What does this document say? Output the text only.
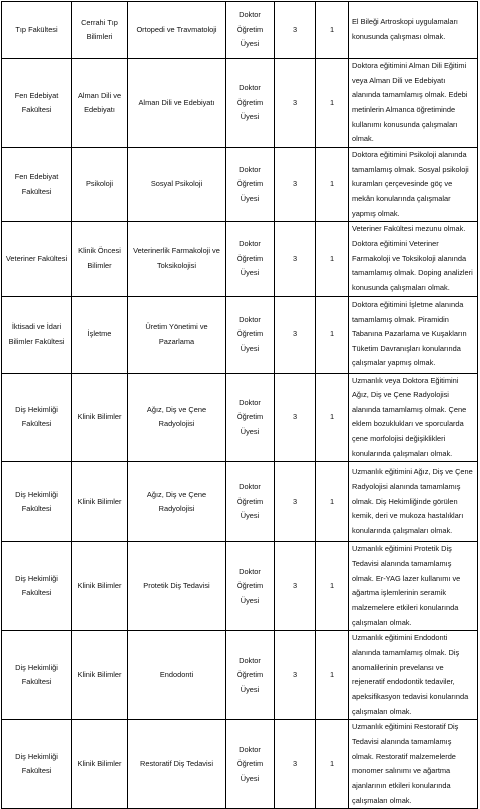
Tıp Fakültesi	Cerrahi Tıp Bilimleri	Ortopedi ve Travmatoloji	Doktor Öğretim Üyesi	3	1	El Bileği Artroskopi uygulamaları konusunda çalışması olmak.
Fen Edebiyat Fakültesi	Alman Dili ve Edebiyatı	Alman Dili ve Edebiyatı	Doktor Öğretim Üyesi	3	1	Doktora eğitimini Alman Dili Eğitimi veya Alman Dili ve Edebiyatı alanında tamamlamış olmak. Edebi metinlerin Almanca öğretiminde kullanımı konusunda çalışmaları olmak.
Fen Edebiyat Fakültesi	Psikoloji	Sosyal Psikoloji	Doktor Öğretim Üyesi	3	1	Doktora eğitimini Psikoloji alanında tamamlamış olmak. Sosyal psikoloji kuramları çerçevesinde göç ve mekân konularında çalışmalar yapmış olmak.
Veteriner Fakültesi	Klinik Öncesi Bilimler	Veterinerlik Farmakoloji ve Toksikolojisi	Doktor Öğretim Üyesi	3	1	Veteriner Fakültesi mezunu olmak. Doktora eğitimini Veteriner Farmakoloji ve Toksikoloji alanında tamamlamış olmak. Doping analizleri konusunda çalışmaları olmak.
İktisadi ve İdari Bilimler Fakültesi	İşletme	Üretim Yönetimi ve Pazarlama	Doktor Öğretim Üyesi	3	1	Doktora eğitimini İşletme alanında tamamlamış olmak. Piramidin Tabanına Pazarlama ve Kuşakların Tüketim Davranışları konularında çalışmalar yapmış olmak.
Diş Hekimliği Fakültesi	Klinik Bilimler	Ağız, Diş ve Çene Radyolojisi	Doktor Öğretim Üyesi	3	1	Uzmanlık veya Doktora Eğitimini Ağız, Diş ve Çene Radyolojisi alanında tamamlamış olmak. Çene eklem bozuklukları ve sporcularda çene morfolojisi değişiklikleri konularında çalışmaları olmak.
Diş Hekimliği Fakültesi	Klinik Bilimler	Ağız, Diş ve Çene Radyolojisi	Doktor Öğretim Üyesi	3	1	Uzmanlık eğitimini Ağız, Diş ve Çene Radyolojisi alanında tamamlamış olmak. Diş Hekimliğinde görülen kemik, deri ve mukoza hastalıkları konularında çalışmaları olmak.
Diş Hekimliği Fakültesi	Klinik Bilimler	Protetik Diş Tedavisi	Doktor Öğretim Üyesi	3	1	Uzmanlık eğitimini Protetik Diş Tedavisi alanında tamamlamış olmak. Er-YAG lazer kullanımı ve ağartma işlemlerinin seramik malzemelere etkileri konularında çalışmaları olmak.
Diş Hekimliği Fakültesi	Klinik Bilimler	Endodonti	Doktor Öğretim Üyesi	3	1	Uzmanlık eğitimini Endodonti alanında tamamlamış olmak. Diş anomalilerinin prevelansı ve rejeneratif endodontik tedaviler, apeksifikasyon tedavisi konularında çalışmaları olmak.
Diş Hekimliği Fakültesi	Klinik Bilimler	Restoratif Diş Tedavisi	Doktor Öğretim Üyesi	3	1	Uzmanlık eğitimini Restoratif Diş Tedavisi alanında tamamlamış olmak. Restoratif malzemelerde monomer salınımı ve ağartma ajanlarının etkileri konularında çalışmaları olmak.
